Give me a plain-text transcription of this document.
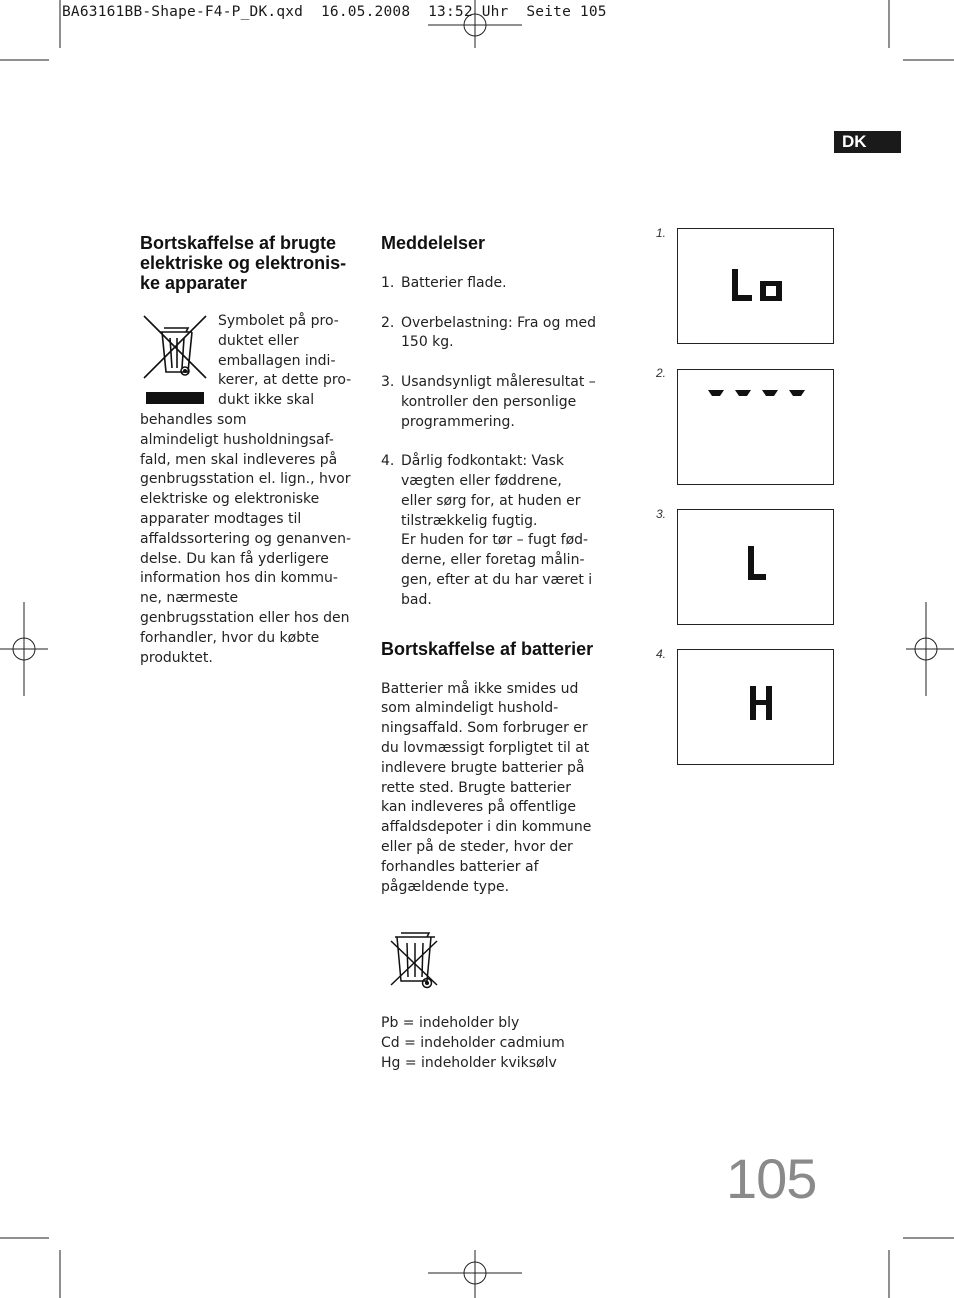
BA63161BB-Shape-F4-P_DK.qxd  16.05.2008  13:52 Uhr  Seite 105
DK
Bortskaffelse af brugte elektriske og elektronis- ke apparater
Symbolet på pro- duktet eller emballagen indi- kerer, at dette pro- dukt ikke skal behandles som
almindeligt husholdningsaf- fald, men skal indleveres på genbrugsstation el. lign., hvor elektriske og elektroniske apparater modtages til affaldssortering og genanven- delse. Du kan få yderligere information hos din kommu- ne, nærmeste genbrugsstation eller hos den forhandler, hvor du købte produktet.
Meddelelser
1. Batterier flade.
2. Overbelastning: Fra og med 150 kg.
3. Usandsynligt måleresultat – kontroller den personlige programmering.
4. Dårlig fodkontakt: Vask vægten eller føddrene, eller sørg for, at huden er tilstrækkelig fugtig.
Er huden for tør – fugt fød- derne, eller foretag målin- gen, efter at du har været i bad.
Bortskaffelse af batterier
Batterier må ikke smides ud som almindeligt hushold- ningsaffald. Som forbruger er du lovmæssigt forpligtet til at indlevere brugte batterier på rette sted. Brugte batterier kan indleveres på offentlige affaldsdepoter i din kommune eller på de steder, hvor der forhandles batterier af pågældende type.
Pb = indeholder bly
Cd = indeholder cadmium
Hg = indeholder kviksølv
1.
2.
3.
4.
105
